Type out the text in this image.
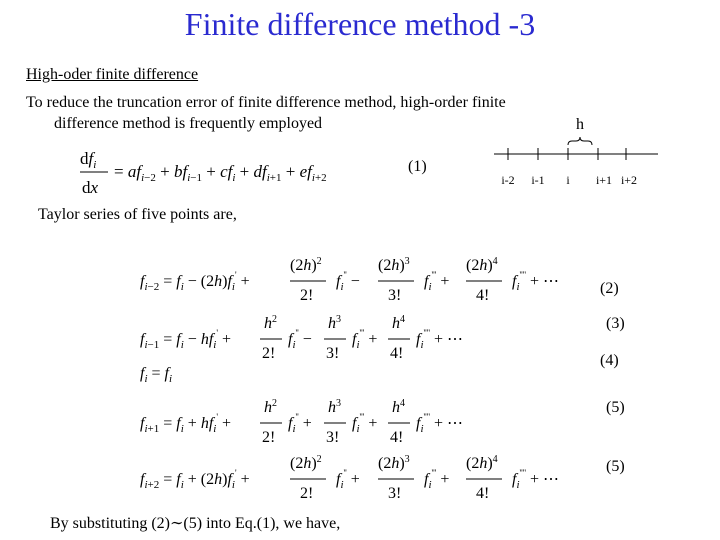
Finite difference method -3
High-oder finite difference
To reduce the truncation error of finite difference method, high-order finite
difference method is frequently employed	h
i-2 i-1 i i+1 i+2
$df_i$
dx
= $af_i-2 + bf_i-1 + cf_i + df_i+1 + ef_i+2$
(1)
Taylor series of five points are,
$f_i-2 = f_i - (2h)f_i'$ +
$(2h)^2$
2!
$f_i''$ −
$(2h)^3$
3!
$f_i'''$ +
$(2h)^4$
4!
$f_i''''$ + ⋯	(2)
$f_i-1 = f_i - hf_i'$ +
$h^2$
2!
$f_i''$ −
$h^3$
3!
$f_i'''$ +
$h^4$
4!
$f_i''''$ + ⋯
(3)
$f_i = f_i$
(4)
$f_i+1 = f_i + hf_i'$ +
$h^2$
2!
$f_i''$ +
$h^3$
3!
$f_i'''$ +
$h^4$
4!
$f_i''''$ + ⋯
(5)
$f_i+2 = f_i + (2h)f_i'$ +
$(2h)^2$
2!
$f_i''$ +
$(2h)^3$
3!
$f_i'''$ +
$(2h)^4$
4!
$f_i''''$ + ⋯
(5)
By substituting (2)∼(5) into Eq.(1), we have,
